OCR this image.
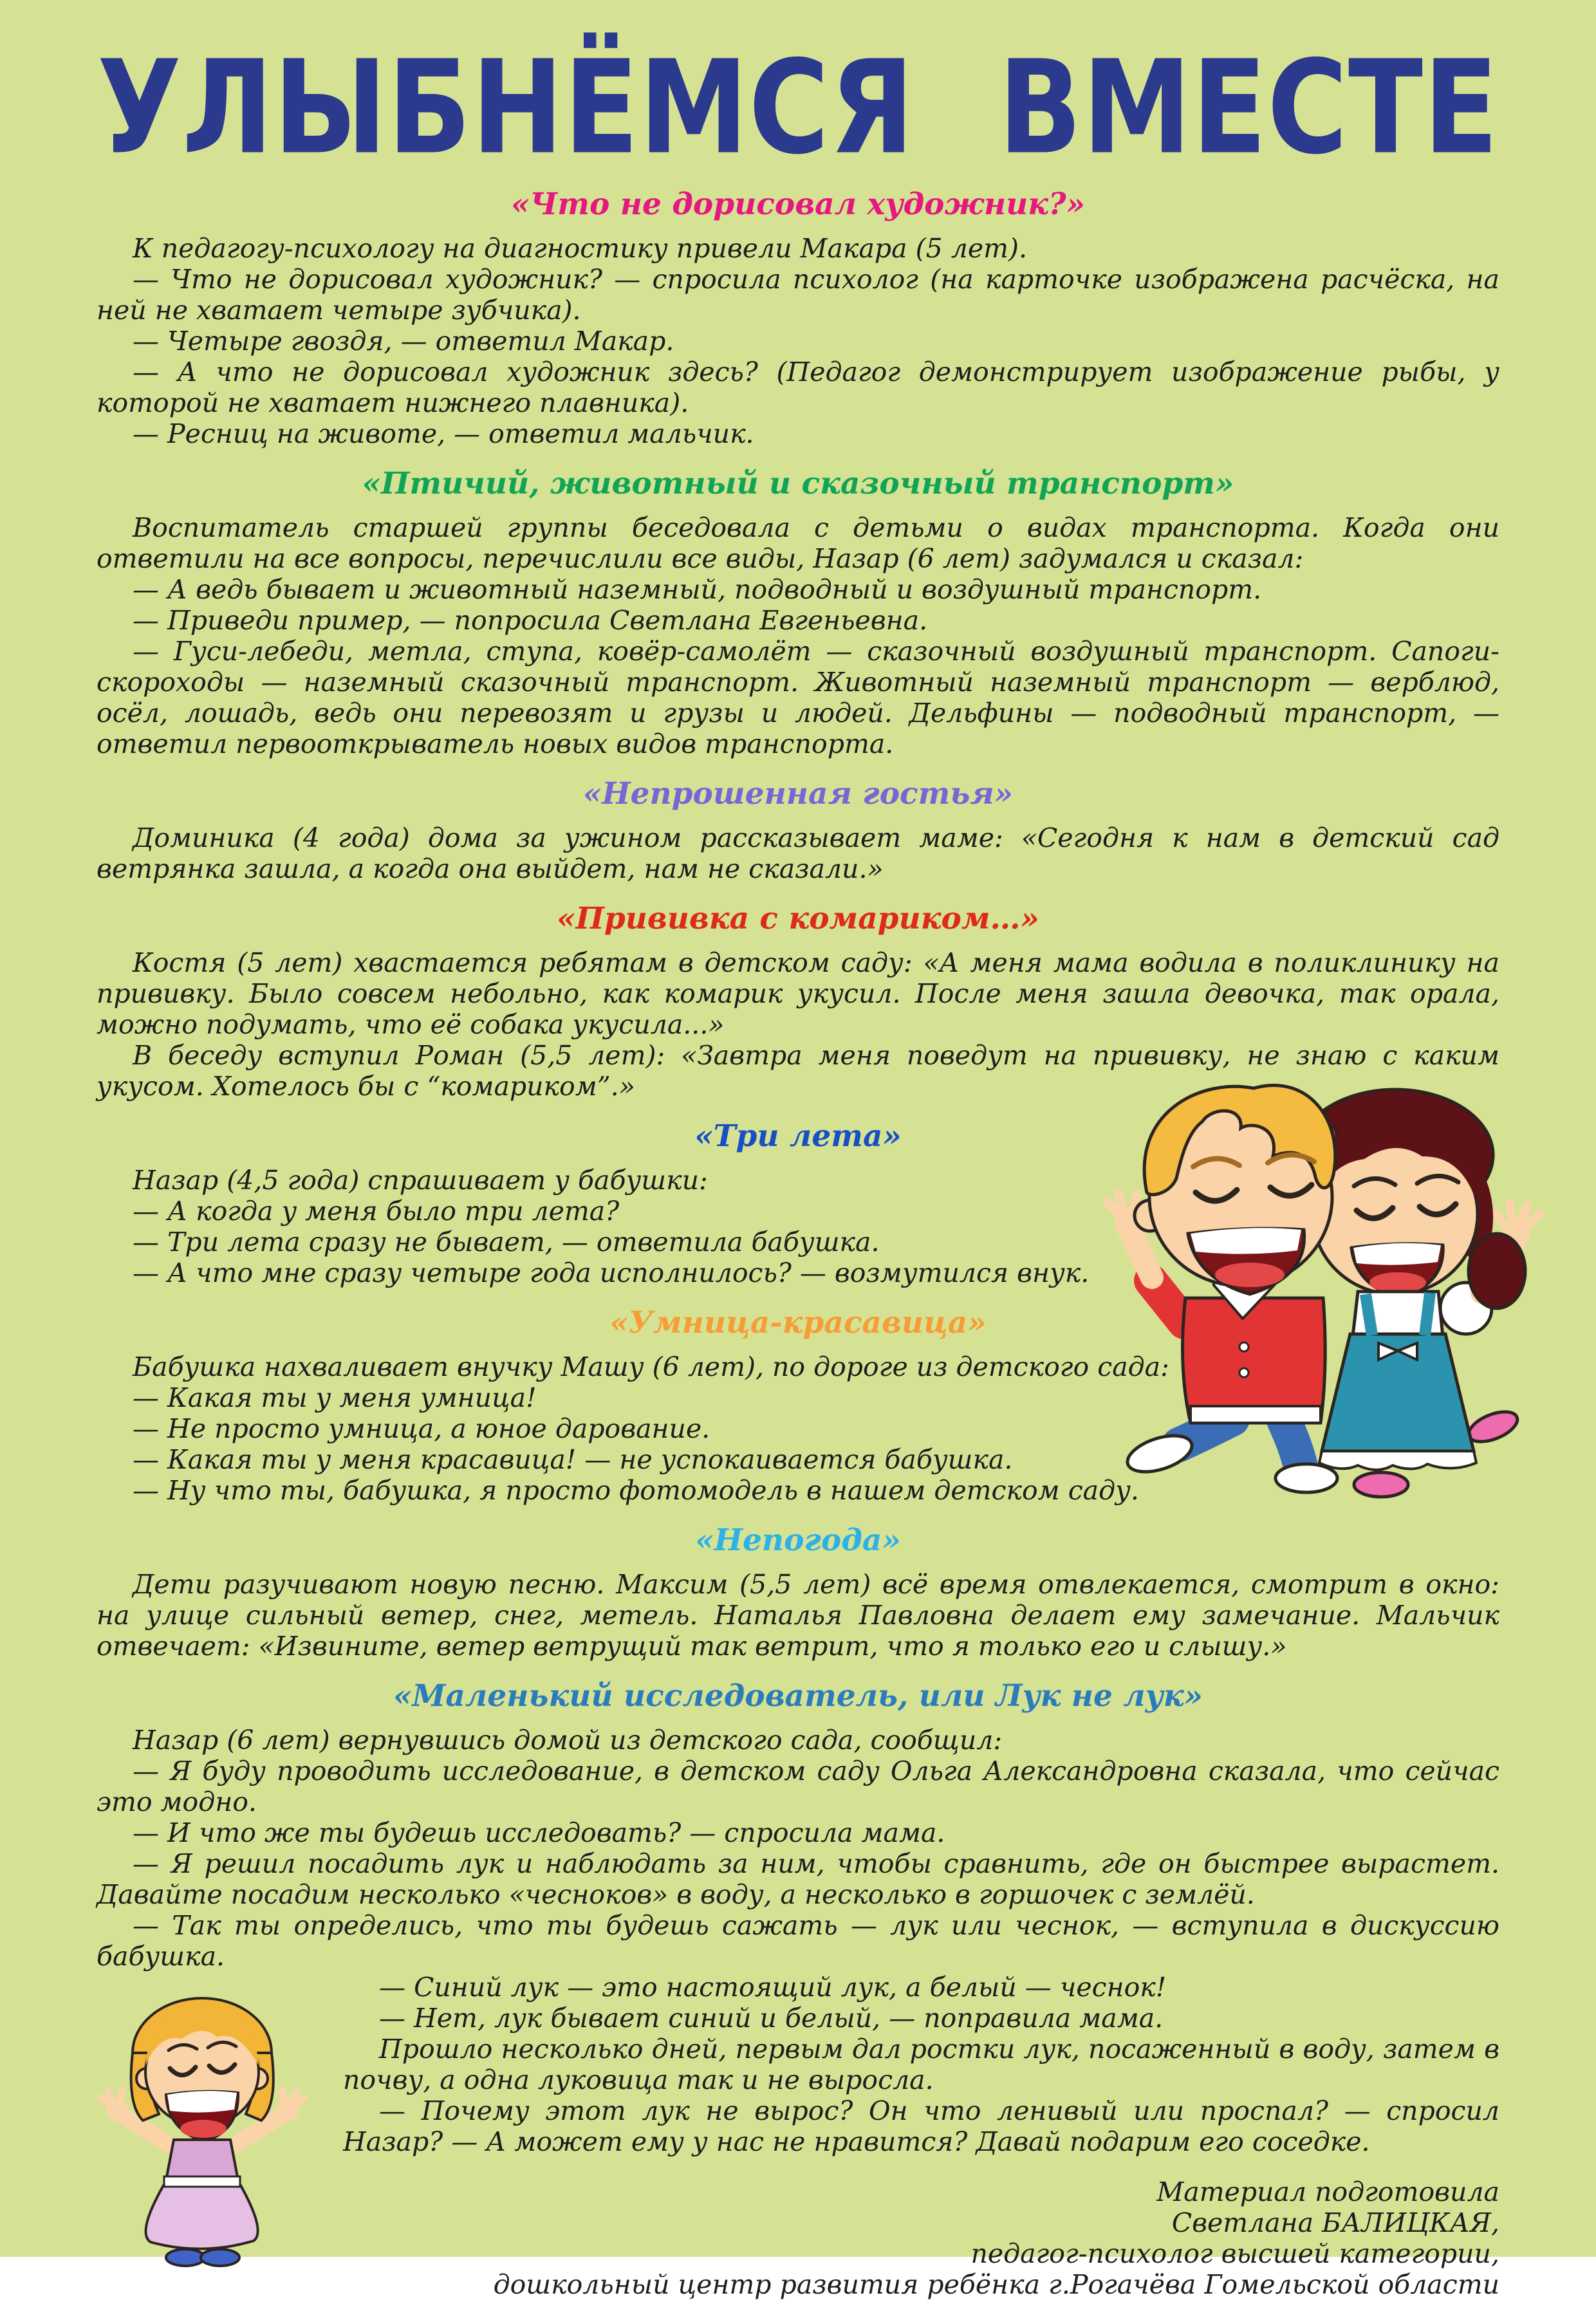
УЛЫБНЁМСЯ ВМЕСТЕ
«Что не дорисовал художник?»

К педагогу-психологу на диагностику привели Макара (5 лет).

— Что не дорисовал художник? — спросила психолог (на карточке изображена расчёска, на ней не хватает четыре зубчика).

— Четыре гвоздя, — ответил Макар.

— А что не дорисовал художник здесь? (Педагог демонстрирует изображение рыбы, у которой не хватает нижнего плавника).

— Ресниц на животе, — ответил мальчик.

«Птичий, животный и сказочный транспорт»

Воспитатель старшей группы беседовала с детьми о видах транспорта. Когда они ответили на все вопросы, перечислили все виды, Назар (6 лет) задумался и сказал:

— А ведь бывает и животный наземный, подводный и воздушный транспорт.

— Приведи пример, — попросила Светлана Евгеньевна.

— Гуси-лебеди, метла, ступа, ковёр-самолёт — сказочный воздушный транспорт. Сапоги-скороходы — наземный сказочный транспорт. Животный наземный транспорт — верблюд, осёл, лошадь, ведь они перевозят и грузы и людей. Дельфины — подводный транспорт, — ответил первооткрыватель новых видов транспорта.

«Непрошенная гостья»

Доминика (4 года) дома за ужином рассказывает маме: «Сегодня к нам в детский сад ветрянка зашла, а когда она выйдет, нам не сказали.»

«Прививка с комариком…»

Костя (5 лет) хвастается ребятам в детском саду: «А меня мама водила в поликлинику на прививку. Было совсем небольно, как комарик укусил. После меня зашла девочка, так орала, можно подумать, что её собака укусила...»

В беседу вступил Роман (5,5 лет): «Завтра меня поведут на прививку, не знаю с каким укусом. Хотелось бы с “комариком”.»

«Три лета»

Назар (4,5 года) спрашивает у бабушки:

— А когда у меня было три лета?

— Три лета сразу не бывает, — ответила бабушка.

— А что мне сразу четыре года исполнилось? — возмутился внук.

«Умница-красавица»

Бабушка нахваливает внучку Машу (6 лет), по дороге из детского сада:

— Какая ты у меня умница!

— Не просто умница, а юное дарование.

— Какая ты у меня красавица! — не успокаивается бабушка.

— Ну что ты, бабушка, я просто фотомодель в нашем детском саду.

«Непогода»

Дети разучивают новую песню. Максим (5,5 лет) всё время отвлекается, смотрит в окно: на улице сильный ветер, снег, метель. Наталья Павловна делает ему замечание. Мальчик отвечает: «Извините, ветер ветрущий так ветрит, что я только его и слышу.»

«Маленький исследователь, или Лук не лук»

Назар (6 лет) вернувшись домой из детского сада, сообщил:

— Я буду проводить исследование, в детском саду Ольга Александровна сказала, что сейчас это модно.

— И что же ты будешь исследовать? — спросила мама.

— Я решил посадить лук и наблюдать за ним, чтобы сравнить, где он быстрее вырастет. Давайте посадим несколько «чесноков» в воду, а несколько в горшочек с землёй.

— Так ты определись, что ты будешь сажать — лук или чеснок, — вступила в дискуссию бабушка.

— Синий лук — это настоящий лук, а белый — чеснок!

— Нет, лук бывает синий и белый, — поправила мама.

Прошло несколько дней, первым дал ростки лук, посаженный в воду, затем в почву, а одна луковица так и не выросла.

— Почему этот лук не вырос? Он что ленивый или проспал? — спросил Назар? — А может ему у нас не нравится? Давай подарим его соседке.

Материал подготовила
Светлана БАЛИЦКАЯ,
педагог-психолог высшей категории,
дошкольный центр развития ребёнка г.Рогачёва Гомельской области
